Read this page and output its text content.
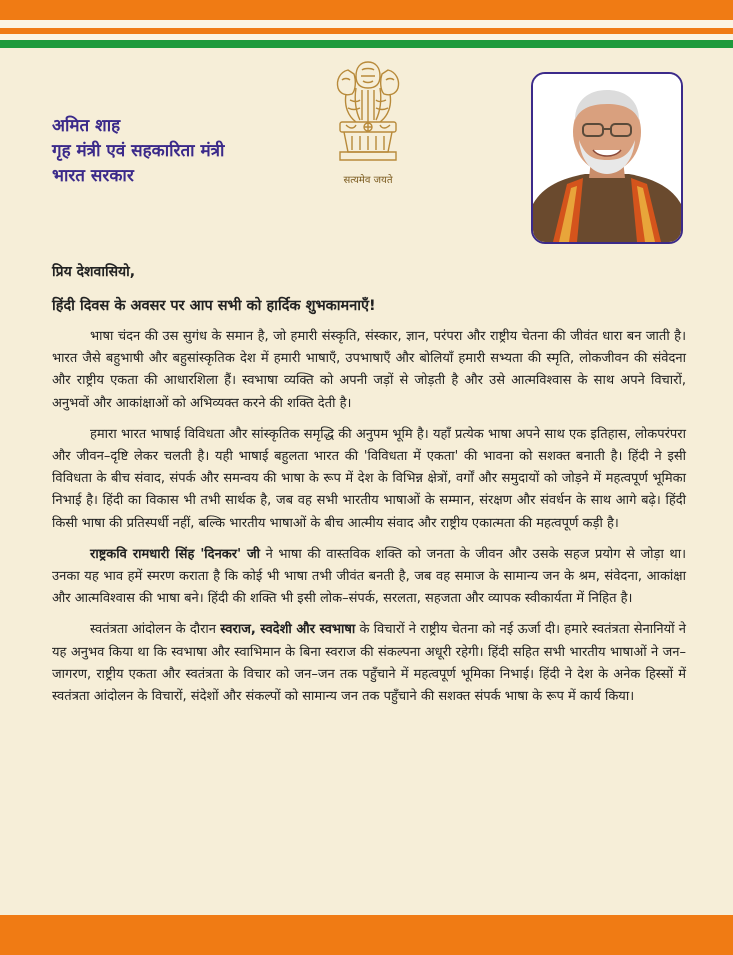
अमित शाह
गृह मंत्री एवं सहकारिता मंत्री
भारत सरकार	सत्यमेव जयते

प्रिय देशवासियो,

हिंदी दिवस के अवसर पर आप सभी को हार्दिक शुभकामनाएँ!

भाषा चंदन की उस सुगंध के समान है, जो हमारी संस्कृति, संस्कार, ज्ञान, परंपरा और राष्ट्रीय चेतना की जीवंत धारा बन जाती है। भारत जैसे बहुभाषी और बहुसांस्कृतिक देश में हमारी भाषाएँ, उपभाषाएँ और बोलियाँ हमारी सभ्यता की स्मृति, लोकजीवन की संवेदना और राष्ट्रीय एकता की आधारशिला हैं। स्वभाषा व्यक्ति को अपनी जड़ों से जोड़ती है और उसे आत्मविश्वास के साथ अपने विचारों, अनुभवों और आकांक्षाओं को अभिव्यक्त करने की शक्ति देती है।

हमारा भारत भाषाई विविधता और सांस्कृतिक समृद्धि की अनुपम भूमि है। यहाँ प्रत्येक भाषा अपने साथ एक इतिहास, लोकपरंपरा और जीवन–दृष्टि लेकर चलती है। यही भाषाई बहुलता भारत की 'विविधता में एकता' की भावना को सशक्त बनाती है। हिंदी ने इसी विविधता के बीच संवाद, संपर्क और समन्वय की भाषा के रूप में देश के विभिन्न क्षेत्रों, वर्गों और समुदायों को जोड़ने में महत्वपूर्ण भूमिका निभाई है। हिंदी का विकास भी तभी सार्थक है, जब वह सभी भारतीय भाषाओं के सम्मान, संरक्षण और संवर्धन के साथ आगे बढ़े। हिंदी किसी भाषा की प्रतिस्पर्धी नहीं, बल्कि भारतीय भाषाओं के बीच आत्मीय संवाद और राष्ट्रीय एकात्मता की महत्वपूर्ण कड़ी है।

राष्ट्रकवि रामधारी सिंह 'दिनकर' जी ने भाषा की वास्तविक शक्ति को जनता के जीवन और उसके सहज प्रयोग से जोड़ा था। उनका यह भाव हमें स्मरण कराता है कि कोई भी भाषा तभी जीवंत बनती है, जब वह समाज के सामान्य जन के श्रम, संवेदना, आकांक्षा और आत्मविश्वास की भाषा बने। हिंदी की शक्ति भी इसी लोक–संपर्क, सरलता, सहजता और व्यापक स्वीकार्यता में निहित है।

स्वतंत्रता आंदोलन के दौरान स्वराज, स्वदेशी और स्वभाषा के विचारों ने राष्ट्रीय चेतना को नई ऊर्जा दी। हमारे स्वतंत्रता सेनानियों ने यह अनुभव किया था कि स्वभाषा और स्वाभिमान के बिना स्वराज की संकल्पना अधूरी रहेगी। हिंदी सहित सभी भारतीय भाषाओं ने जन–जागरण, राष्ट्रीय एकता और स्वतंत्रता के विचार को जन–जन तक पहुँचाने में महत्वपूर्ण भूमिका निभाई। हिंदी ने देश के अनेक हिस्सों में स्वतंत्रता आंदोलन के विचारों, संदेशों और संकल्पों को सामान्य जन तक पहुँचाने की सशक्त संपर्क भाषा के रूप में कार्य किया।
